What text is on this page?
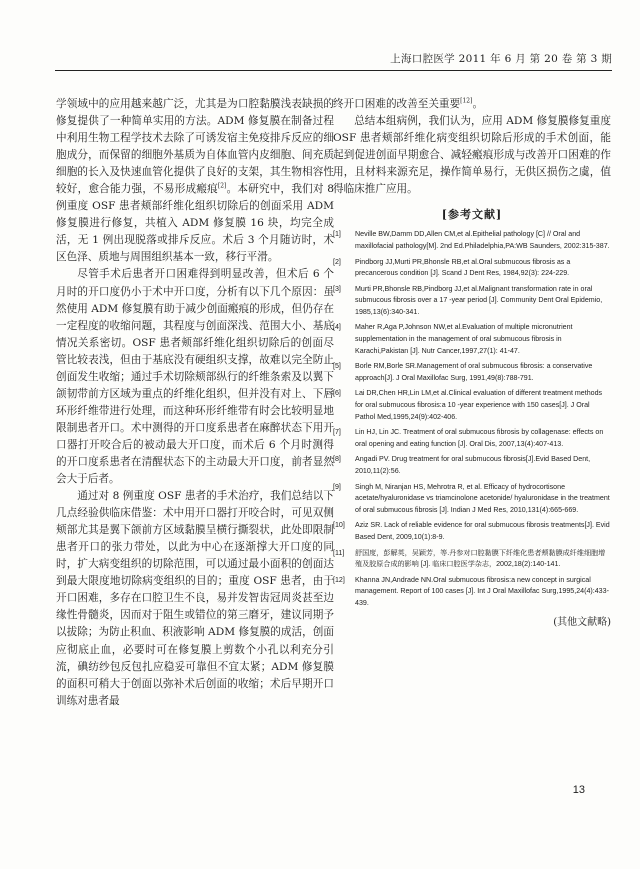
上海口腔医学 2011 年 6 月 第 20 卷 第 3 期

学领域中的应用越来越广泛，尤其是为口腔黏膜浅表缺损的修复提供了一种简单实用的方法。ADM 修复膜在制备过程中利用生物工程学技术去除了可诱发宿主免疫排斥反应的细胞成分，而保留的细胞外基质为自体血管内皮细胞、间充质细胞的长入及快速血管化提供了良好的支架，其生物相容性较好，愈合能力强，不易形成瘢痕[2]。本研究中，我们对 8 例重度 OSF 患者颊部纤维化组织切除后的创面采用 ADM 修复膜进行修复，共植入 ADM 修复膜 16 块，均完全成活，无 1 例出现脱落或排斥反应。术后 3 个月随访时，术区色泽、质地与周围组织基本一致，移行平滑。

尽管手术后患者开口困难得到明显改善，但术后 6 个月时的开口度仍小于术中开口度，分析有以下几个原因：虽然使用 ADM 修复膜有助于减少创面瘢痕的形成，但仍存在一定程度的收缩问题，其程度与创面深浅、范围大小、基底情况关系密切。OSF 患者颊部纤维化组织切除后的创面尽管比较表浅，但由于基底没有硬组织支撑，故难以完全防止创面发生收缩；通过手术切除颊部纵行的纤维条索及以翼下颌韧带前方区域为重点的纤维化组织，但并没有对上、下唇环形纤维带进行处理，而这种环形纤维带有时会比较明显地限制患者开口。术中测得的开口度系患者在麻醉状态下用开口器打开咬合后的被动最大开口度，而术后 6 个月时测得的开口度系患者在清醒状态下的主动最大开口度，前者显然会大于后者。

通过对 8 例重度 OSF 患者的手术治疗，我们总结以下几点经验供临床借鉴：术中用开口器打开咬合时，可见双侧颊部尤其是翼下颌前方区域黏膜呈横行撕裂状，此处即限制患者开口的张力带处，以此为中心在逐渐撑大开口度的同时，扩大病变组织的切除范围，可以通过最小面积的创面达到最大限度地切除病变组织的目的；重度 OSF 患者，由于开口困难，多存在口腔卫生不良，易并发智齿冠周炎甚至边缘性骨髓炎，因而对于阻生或错位的第三磨牙，建议同期予以拔除；为防止积血、积液影响 ADM 修复膜的成活，创面应彻底止血，必要时可在修复膜上剪数个小孔以利充分引流，碘纺纱包反包扎应稳妥可靠但不宜太紧；ADM 修复膜的面积可稍大于创面以弥补术后创面的收缩；术后早期开口训练对患者最

终开口困难的改善至关重要[12]。

总结本组病例，我们认为，应用 ADM 修复膜修复重度 OSF 患者颊部纤维化病变组织切除后形成的手术创面，能起到促进创面早期愈合、减轻瘢痕形成与改善开口困难的作用，且材料来源充足，操作简单易行，无供区损伤之虞，值得临床推广应用。

[参考文献]
[1]	Neville BW,Damm DD,Allen CM,et al.Epithelial pathology [C] // Oral and maxillofacial pathology[M]. 2nd Ed.Philadelphia,PA:WB Saunders, 2002:315-387.
[2]	Pindborg JJ,Murti PR,Bhonsle RB,et al.Oral submucous fibrosis as a precancerous condition [J]. Scand J Dent Res, 1984,92(3): 224-229.
[3]	Murti PR,Bhonsle RB,Pindborg JJ,et al.Malignant transformation rate in oral submucous fibrosis over a 17 -year period [J]. Community Dent Oral Epidemio, 1985,13(6):340-341.
[4]	Maher R,Aga P,Johnson NW,et al.Evaluation of multiple micronutrient supplementation in the management of oral submucous fibrosis in Karachi,Pakistan [J]. Nutr Cancer,1997,27(1): 41-47.
[5]	Borle RM,Borle SR.Management of oral submucous fibrosis: a conservative approach[J]. J Oral Maxillofac Surg, 1991,49(8):788-791.
[6]	Lai DR,Chen HR,Lin LM,et al.Clinical evaluation of different treatment methods for oral submucous fibrosis:a 10 -year experience with 150 cases[J]. J Oral Pathol Med,1995,24(9):402-406.
[7]	Lin HJ, Lin JC. Treatment of oral submucous fibrosis by collagenase: effects on oral opening and eating function [J]. Oral Dis, 2007,13(4):407-413.
[8]	Angadi PV. Drug treatment for oral submucous fibrosis[J].Evid Based Dent, 2010,11(2):56.
[9]	Singh M, Niranjan HS, Mehrotra R, et al. Efficacy of hydrocortisone acetate/hyaluronidase vs triamcinolone acetonide/ hyaluronidase in the treatment of oral submucous fibrosis [J]. Indian J Med Res, 2010,131(4):665-669.
[10]	Aziz SR. Lack of reliable evidence for oral submucous fibrosis treatments[J]. Evid Based Dent, 2009,10(1):8-9.
[11]	舒国度，彭解英，吴颖芳，等.丹参对口腔黏膜下纤维化患者颊黏膜成纤维细胞增殖及胶原合成的影响 [J]. 临床口腔医学杂志，2002,18(2):140-141.
[12]	Khanna JN,Andrade NN.Oral submucous fibrosis:a new concept in surgical management. Report of 100 cases [J]. Int J Oral Maxillofac Surg,1995,24(4):433-439.
(其他文献略)
13
